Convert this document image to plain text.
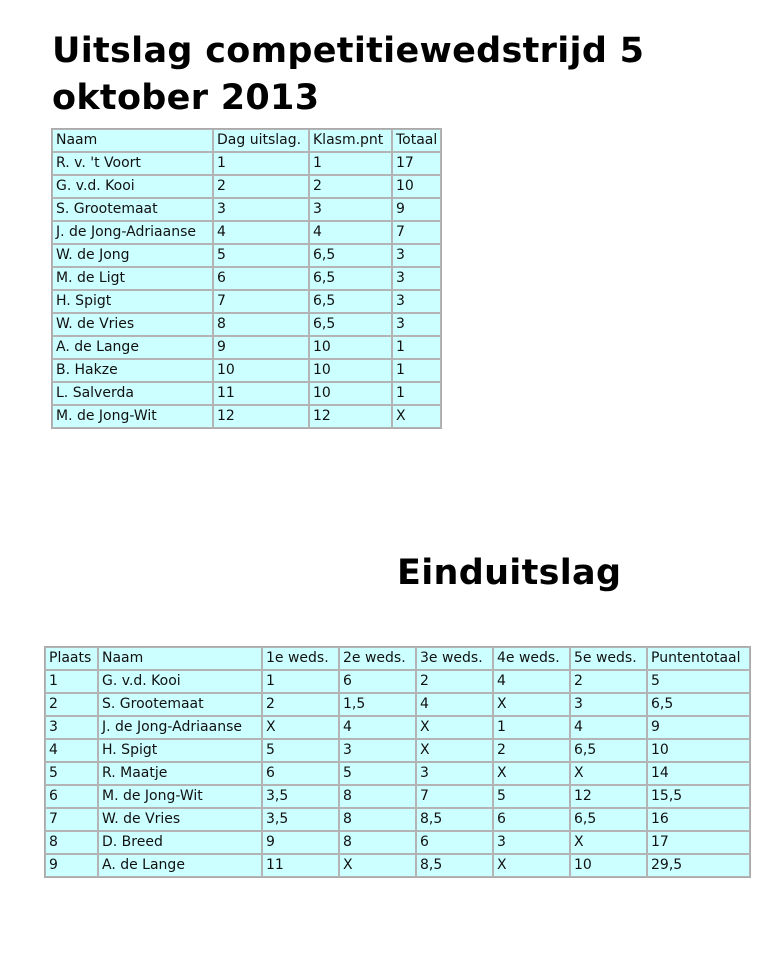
Uitslag competitiewedstrijd 5 oktober 2013
Naam	Dag uitslag.	Klasm.pnt	Totaal
R. v. 't Voort	1	1	17
G. v.d. Kooi	2	2	10
S. Grootemaat	3	3	9
J. de Jong-Adriaanse	4	4	7
W. de Jong	5	6,5	3
M. de Ligt	6	6,5	3
H. Spigt	7	6,5	3
W. de Vries	8	6,5	3
A. de Lange	9	10	1
B. Hakze	10	10	1
L. Salverda	11	10	1
M. de Jong-Wit	12	12	X
Einduitslag
Plaats	Naam	1e weds.	2e weds.	3e weds.	4e weds.	5e weds.	Puntentotaal
1	G. v.d. Kooi	1	6	2	4	2	5
2	S. Grootemaat	2	1,5	4	X	3	6,5
3	J. de Jong-Adriaanse	X	4	X	1	4	9
4	H. Spigt	5	3	X	2	6,5	10
5	R. Maatje	6	5	3	X	X	14
6	M. de Jong-Wit	3,5	8	7	5	12	15,5
7	W. de Vries	3,5	8	8,5	6	6,5	16
8	D. Breed	9	8	6	3	X	17
9	A. de Lange	11	X	8,5	X	10	29,5
